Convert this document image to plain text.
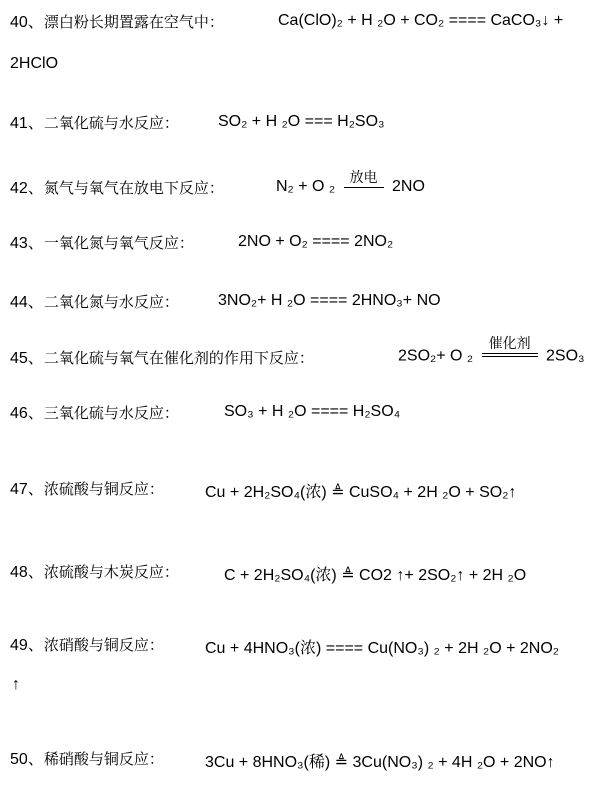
40、漂白粉长期置露在空气中：	Ca(ClO)₂ + H ₂O + CO₂ ==== CaCO₃↓ +
2HClO
41、二氧化硫与水反应： SO₂ + H ₂O === H₂SO₃
42、氮气与氧气在放电下反应：	N₂ + O ₂
放电
2NO
43、一氧化氮与氧气反应：	2NO + O₂ ==== 2NO₂
44、二氧化氮与水反应： 3NO₂+ H ₂O ==== 2HNO₃+ NO
45、二氧化硫与氧气在催化剂的作用下反应：	2SO₂+ O ₂
催化剂
2SO₃
46、三氧化硫与水反应：	SO₃ + H ₂O ==== H₂SO₄
47、浓硫酸与铜反应：	Cu + 2H₂SO₄(浓) ≜ CuSO₄ + 2H ₂O + SO₂↑
48、浓硫酸与木炭反应：	C + 2H₂SO₄(浓) ≜ CO2 ↑+ 2SO₂↑ + 2H ₂O
49、浓硝酸与铜反应：	Cu + 4HNO₃(浓) ==== Cu(NO₃) ₂ + 2H ₂O + 2NO₂
↑
50、稀硝酸与铜反应：	3Cu + 8HNO₃(稀) ≜ 3Cu(NO₃) ₂ + 4H ₂O + 2NO↑
